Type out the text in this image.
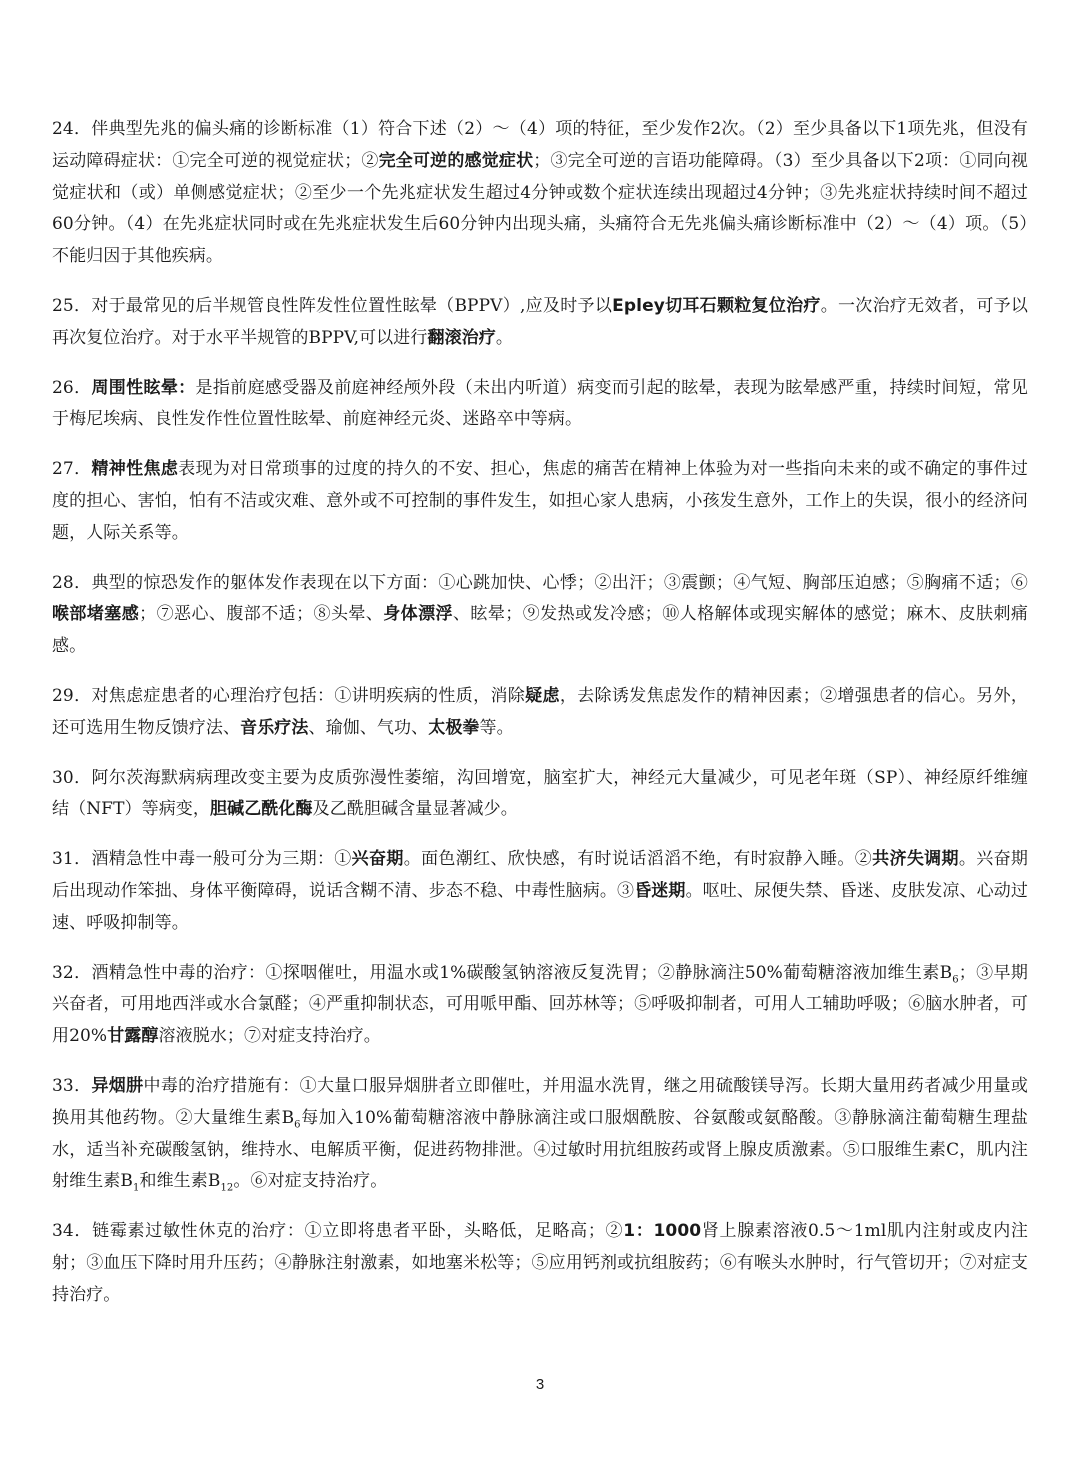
24．伴典型先兆的偏头痛的诊断标准（1）符合下述（2）～（4）项的特征，至少发作2次。（2）至少具备以下1项先兆，但没有运动障碍症状：①完全可逆的视觉症状；②完全可逆的感觉症状；③完全可逆的言语功能障碍。（3）至少具备以下2项：①同向视觉症状和（或）单侧感觉症状；②至少一个先兆症状发生超过4分钟或数个症状连续出现超过4分钟；③先兆症状持续时间不超过60分钟。（4）在先兆症状同时或在先兆症状发生后60分钟内出现头痛，头痛符合无先兆偏头痛诊断标准中（2）～（4）项。（5）不能归因于其他疾病。

25．对于最常见的后半规管良性阵发性位置性眩晕（BPPV）,应及时予以Epley切耳石颗粒复位治疗。一次治疗无效者，可予以再次复位治疗。对于水平半规管的BPPV,可以进行翻滚治疗。

26．周围性眩晕：是指前庭感受器及前庭神经颅外段（未出内听道）病变而引起的眩晕，表现为眩晕感严重，持续时间短，常见于梅尼埃病、良性发作性位置性眩晕、前庭神经元炎、迷路卒中等病。

27．精神性焦虑表现为对日常琐事的过度的持久的不安、担心，焦虑的痛苦在精神上体验为对一些指向未来的或不确定的事件过度的担心、害怕，怕有不洁或灾难、意外或不可控制的事件发生，如担心家人患病，小孩发生意外，工作上的失误，很小的经济问题，人际关系等。

28．典型的惊恐发作的躯体发作表现在以下方面：①心跳加快、心悸；②出汗；③震颤；④气短、胸部压迫感；⑤胸痛不适；⑥喉部堵塞感；⑦恶心、腹部不适；⑧头晕、身体漂浮、眩晕；⑨发热或发冷感；⑩人格解体或现实解体的感觉；麻木、皮肤刺痛感。

29．对焦虑症患者的心理治疗包括：①讲明疾病的性质，消除疑虑，去除诱发焦虑发作的精神因素；②增强患者的信心。另外，还可选用生物反馈疗法、音乐疗法、瑜伽、气功、太极拳等。

30．阿尔茨海默病病理改变主要为皮质弥漫性萎缩，沟回增宽，脑室扩大，神经元大量减少，可见老年斑（SP）、神经原纤维缠结（NFT）等病变，胆碱乙酰化酶及乙酰胆碱含量显著减少。

31．酒精急性中毒一般可分为三期：①兴奋期。面色潮红、欣快感，有时说话滔滔不绝，有时寂静入睡。②共济失调期。兴奋期后出现动作笨拙、身体平衡障碍，说话含糊不清、步态不稳、中毒性脑病。③昏迷期。呕吐、尿便失禁、昏迷、皮肤发凉、心动过速、呼吸抑制等。

32．酒精急性中毒的治疗：①探咽催吐，用温水或1%碳酸氢钠溶液反复洗胃；②静脉滴注50%葡萄糖溶液加维生素$B_6$；③早期兴奋者，可用地西泮或水合氯醛；④严重抑制状态，可用哌甲酯、回苏林等；⑤呼吸抑制者，可用人工辅助呼吸；⑥脑水肿者，可用20%甘露醇溶液脱水；⑦对症支持治疗。

33．异烟肼中毒的治疗措施有：①大量口服异烟肼者立即催吐，并用温水洗胃，继之用硫酸镁导泻。长期大量用药者减少用量或换用其他药物。②大量维生素$B_6$每加入10%葡萄糖溶液中静脉滴注或口服烟酰胺、谷氨酸或氨酪酸。③静脉滴注葡萄糖生理盐水，适当补充碳酸氢钠，维持水、电解质平衡，促进药物排泄。④过敏时用抗组胺药或肾上腺皮质激素。⑤口服维生素C，肌内注射维生素$B_1$和维生素$B_{12}$。⑥对症支持治疗。

34．链霉素过敏性休克的治疗：①立即将患者平卧，头略低，足略高；②1：1000肾上腺素溶液0.5～1ml肌内注射或皮内注射；③血压下降时用升压药；④静脉注射激素，如地塞米松等；⑤应用钙剂或抗组胺药；⑥有喉头水肿时，行气管切开；⑦对症支持治疗。

3
